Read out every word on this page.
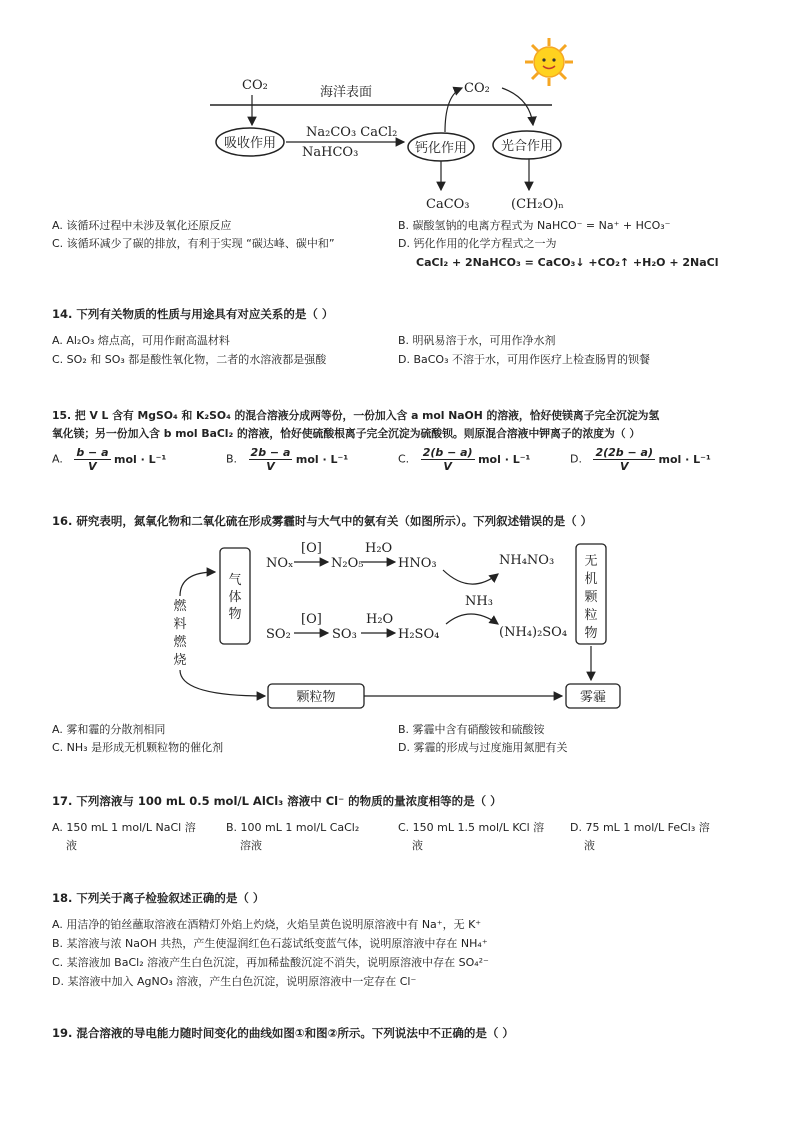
海洋表面
CO₂
吸收作用
Na₂CO₃ CaCl₂
NaHCO₃	钙化作用
CO₂
光合作用
CaCO₃	(CH₂O)ₙ
A. 该循环过程中未涉及氧化还原反应	B. 碳酸氢钠的电离方程式为 NaHCO⁻ = Na⁺ + HCO₃⁻
C. 该循环减少了碳的排放，有利于实现 “碳达峰、碳中和”	D. 钙化作用的化学方程式之一为
CaCl₂ + 2NaHCO₃ = CaCO₃↓ +CO₂↑ +H₂O + 2NaCl
14. 下列有关物质的性质与用途具有对应关系的是（ ）
A. Al₂O₃ 熔点高，可用作耐高温材料	B. 明矾易溶于水，可用作净水剂
C. SO₂ 和 SO₃ 都是酸性氧化物，二者的水溶液都是强酸	D. BaCO₃ 不溶于水，可用作医疗上检查肠胃的钡餐
15. 把 V L 含有 MgSO₄ 和 K₂SO₄ 的混合溶液分成两等份，一份加入含 a mol NaOH 的溶液，恰好使镁离子完全沉淀为氢
氧化镁；另一份加入含 b mol BaCl₂ 的溶液，恰好使硫酸根离子完全沉淀为硫酸钡。则原混合溶液中钾离子的浓度为（ ）
A. $\frac{b - a}{V}$ mol · L⁻¹	B. $\frac{2b - a}{V}$ mol · L⁻¹	C. $\frac{2(b - a)}{V}$ mol · L⁻¹	D. $\frac{2(2b - a)}{V}$ mol · L⁻¹
16. 研究表明，氮氧化物和二氧化硫在形成雾霾时与大气中的氨有关（如图所示）。下列叙述错误的是（ ）
燃
料
燃
烧
气
体
物
NOₓ
[O]
N₂O₅
H₂O
HNO₃	NH₄NO₃
NH₃
SO₂
[O]
SO₃
H₂O
H₂SO₄	(NH₄)₂SO₄
无
机
颗
粒
物
颗粒物	雾霾
A. 雾和霾的分散剂相同	B. 雾霾中含有硝酸铵和硫酸铵
C. NH₃ 是形成无机颗粒物的催化剂	D. 雾霾的形成与过度施用氮肥有关
17. 下列溶液与 100 mL 0.5 mol/L AlCl₃ 溶液中 Cl⁻ 的物质的量浓度相等的是（ ）
A. 150 mL 1 mol/L NaCl 溶
液
B. 100 mL 1 mol/L CaCl₂
溶液
C. 150 mL 1.5 mol/L KCl 溶
液
D. 75 mL 1 mol/L FeCl₃ 溶
液
18. 下列关于离子检验叙述正确的是（ ）
A. 用洁净的铂丝蘸取溶液在酒精灯外焰上灼烧，火焰呈黄色说明原溶液中有 Na⁺，无 K⁺
B. 某溶液与浓 NaOH 共热，产生使湿润红色石蕊试纸变蓝气体，说明原溶液中存在 NH₄⁺
C. 某溶液加 BaCl₂ 溶液产生白色沉淀，再加稀盐酸沉淀不消失，说明原溶液中存在 SO₄²⁻
D. 某溶液中加入 AgNO₃ 溶液，产生白色沉淀，说明原溶液中一定存在 Cl⁻
19. 混合溶液的导电能力随时间变化的曲线如图①和图②所示。下列说法中不正确的是（ ）
